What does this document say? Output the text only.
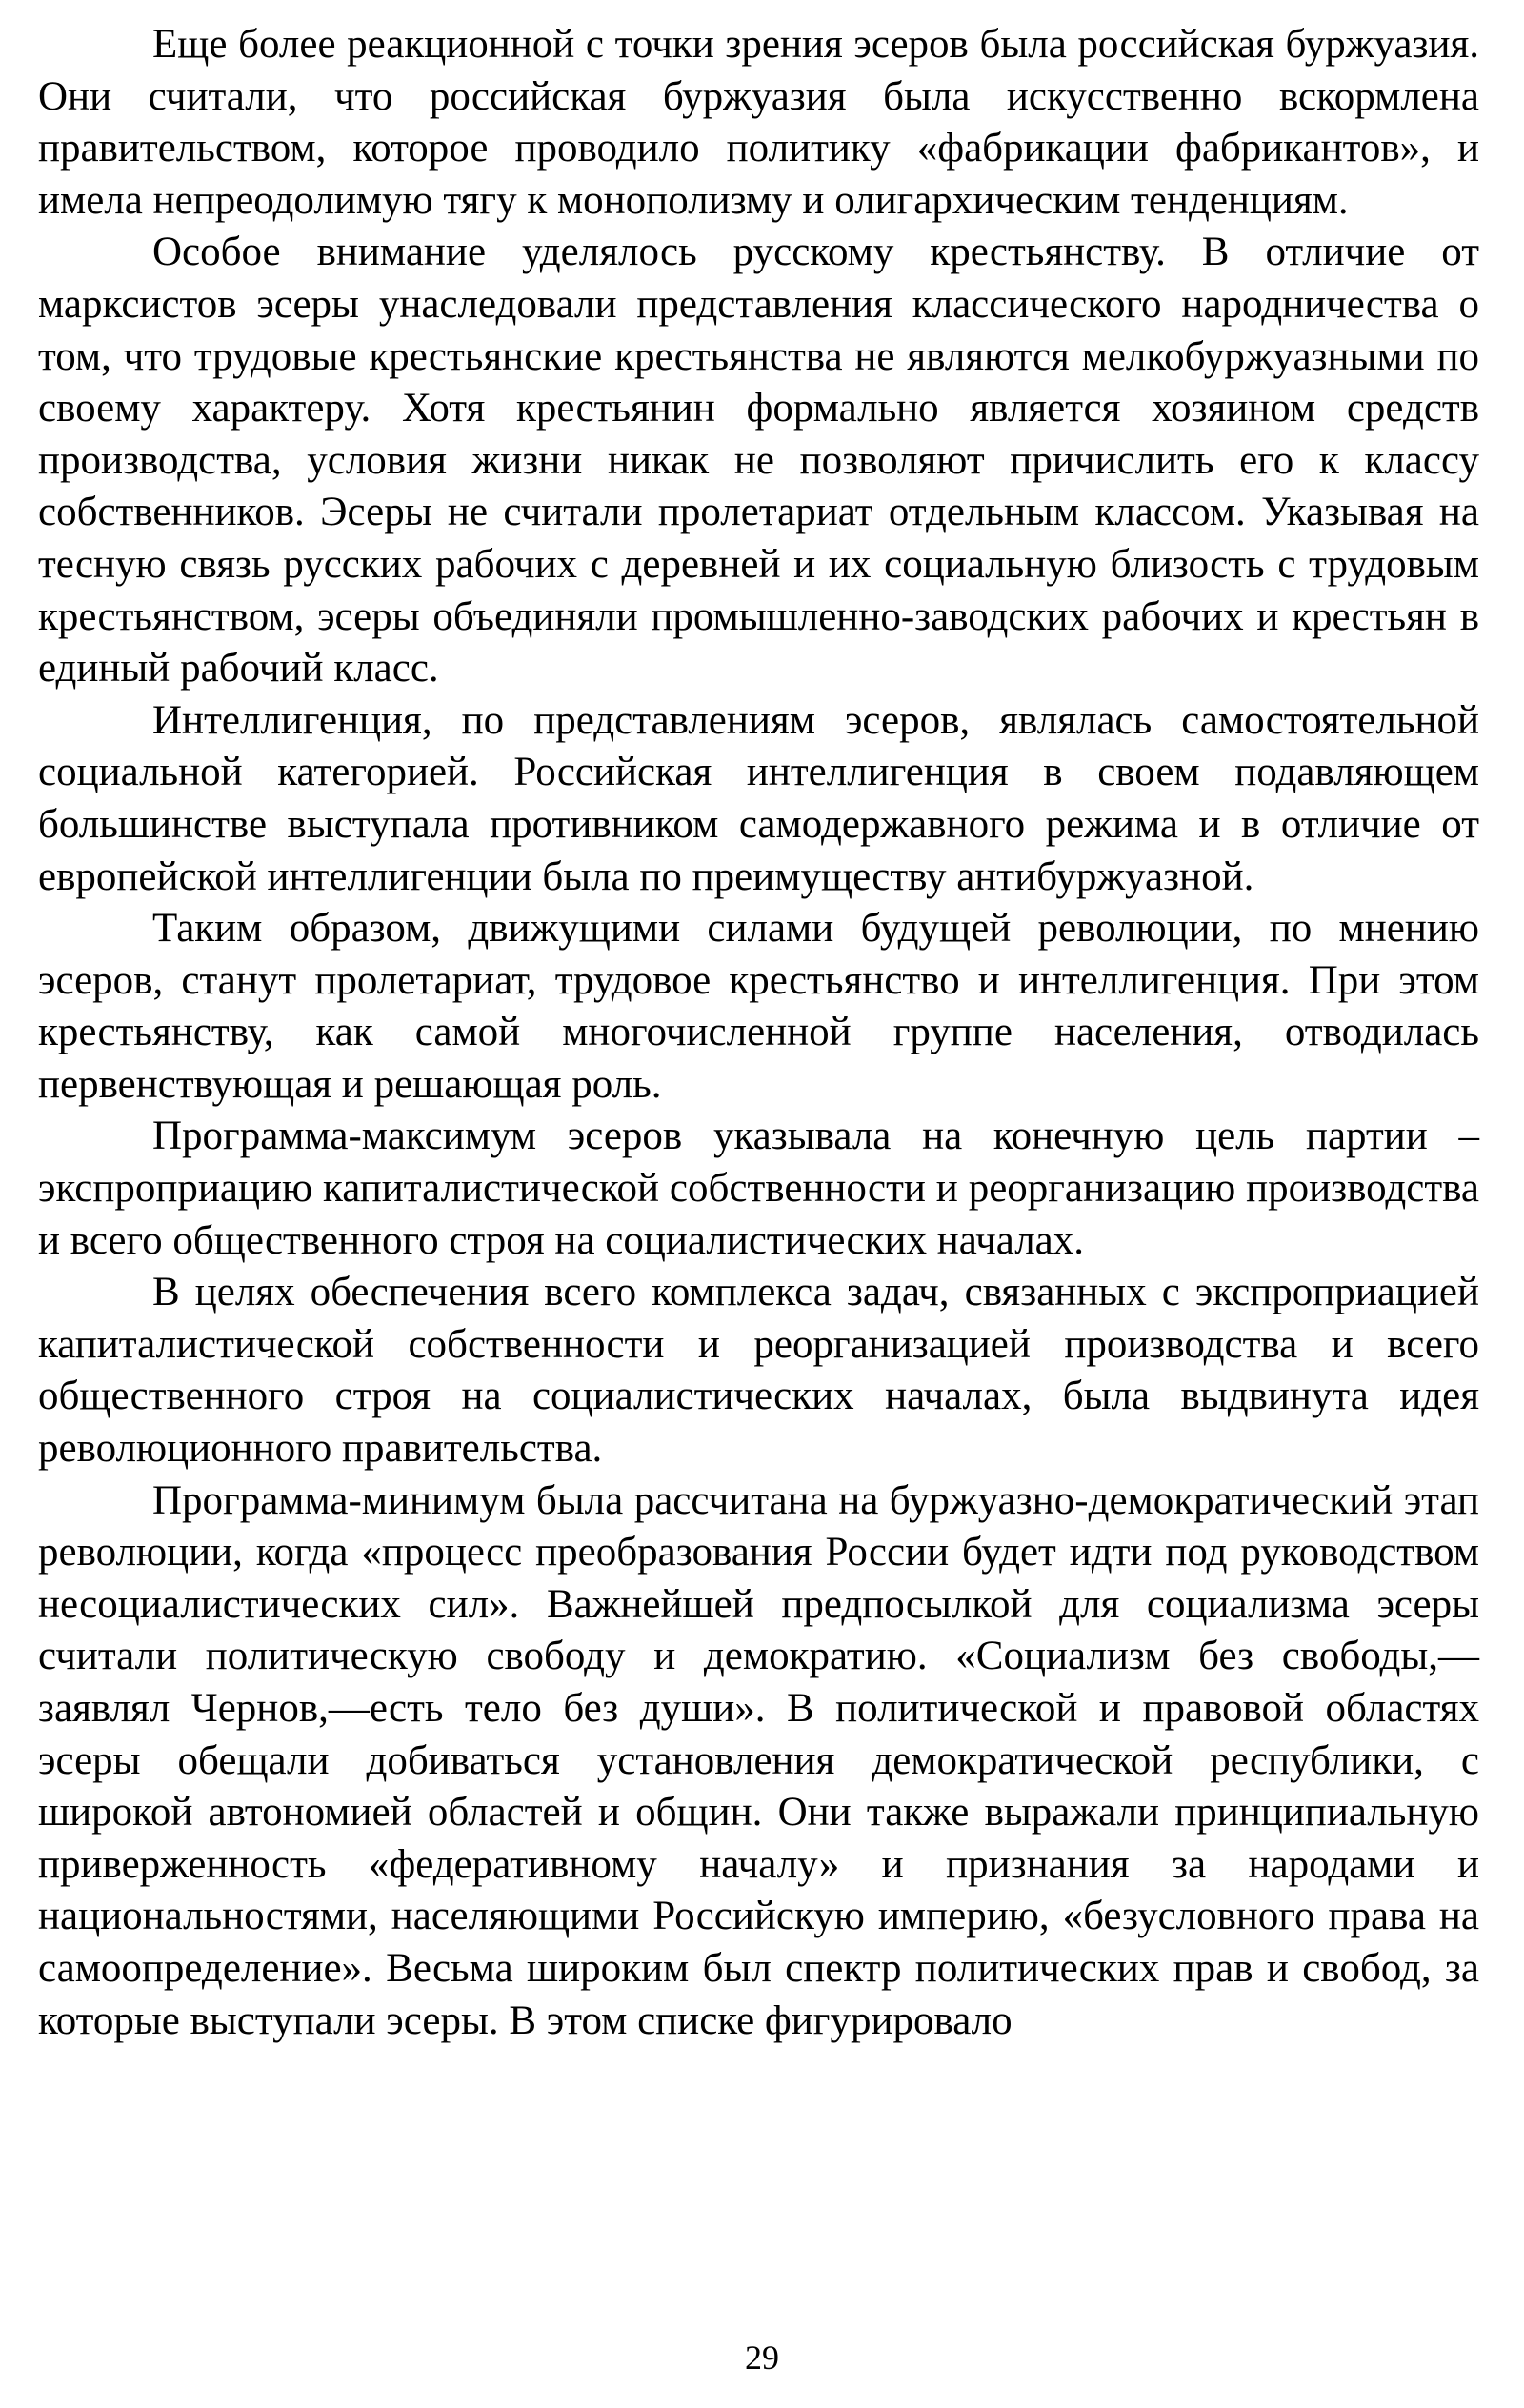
Еще более реакционной с точки зрения эсеров была российская буржуазия. Они считали, что российская буржуазия была искусственно вскормлена правительством, которое проводило политику «фабрикации фабрикантов», и имела непреодолимую тягу к монополизму и олигархическим тенденциям.

Особое внимание уделялось русскому крестьянству. В отличие от марксистов эсеры унаследовали представления классического народничества о том, что трудовые крестьянские крестьянства не являются мелкобуржуазными по своему характеру. Хотя крестьянин формально является хозяином средств производства, условия жизни никак не позволяют причислить его к классу собственников. Эсеры не считали пролетариат отдельным классом. Указывая на тесную связь русских рабочих с деревней и их социальную близость с трудовым крестьянством, эсеры объединяли промышленно-заводских рабочих и крестьян в единый рабочий класс.

Интеллигенция, по представлениям эсеров, являлась самостоятельной социальной категорией. Российская интеллигенция в своем подавляющем большинстве выступала противником самодержавного режима и в отличие от европейской интеллигенции была по преимуществу антибуржуазной.

Таким образом, движущими силами будущей революции, по мнению эсеров, станут пролетариат, трудовое крестьянство и интеллигенция. При этом крестьянству, как самой многочисленной группе населения, отводилась первенствующая и решающая роль.

Программа-максимум эсеров указывала на конечную цель партии – экспроприацию капиталистической собственности и реорганизацию производства и всего общественного строя на социалистических началах.

В целях обеспечения всего комплекса задач, связанных с экспроприацией капиталистической собственности и реорганизацией производства и всего общественного строя на социалистических началах, была выдвинута идея революционного правительства.

Программа-минимум была рассчитана на буржуазно-демократический этап революции, когда «процесс преобразования России будет идти под руководством несоциалистических сил». Важнейшей предпосылкой для социализма эсеры считали политическую свободу и демократию. «Социализм без свободы,—заявлял Чернов,—есть тело без души». В политической и правовой областях эсеры обещали добиваться установления демократической республики, с широкой автономией областей и общин. Они также выражали принципиальную приверженность «федеративному началу» и признания за народами и национальностями, населяющими Российскую империю, «безусловного права на самоопределение». Весьма широким был спектр политических прав и свобод, за которые выступали эсеры. В этом списке фигурировало

29
